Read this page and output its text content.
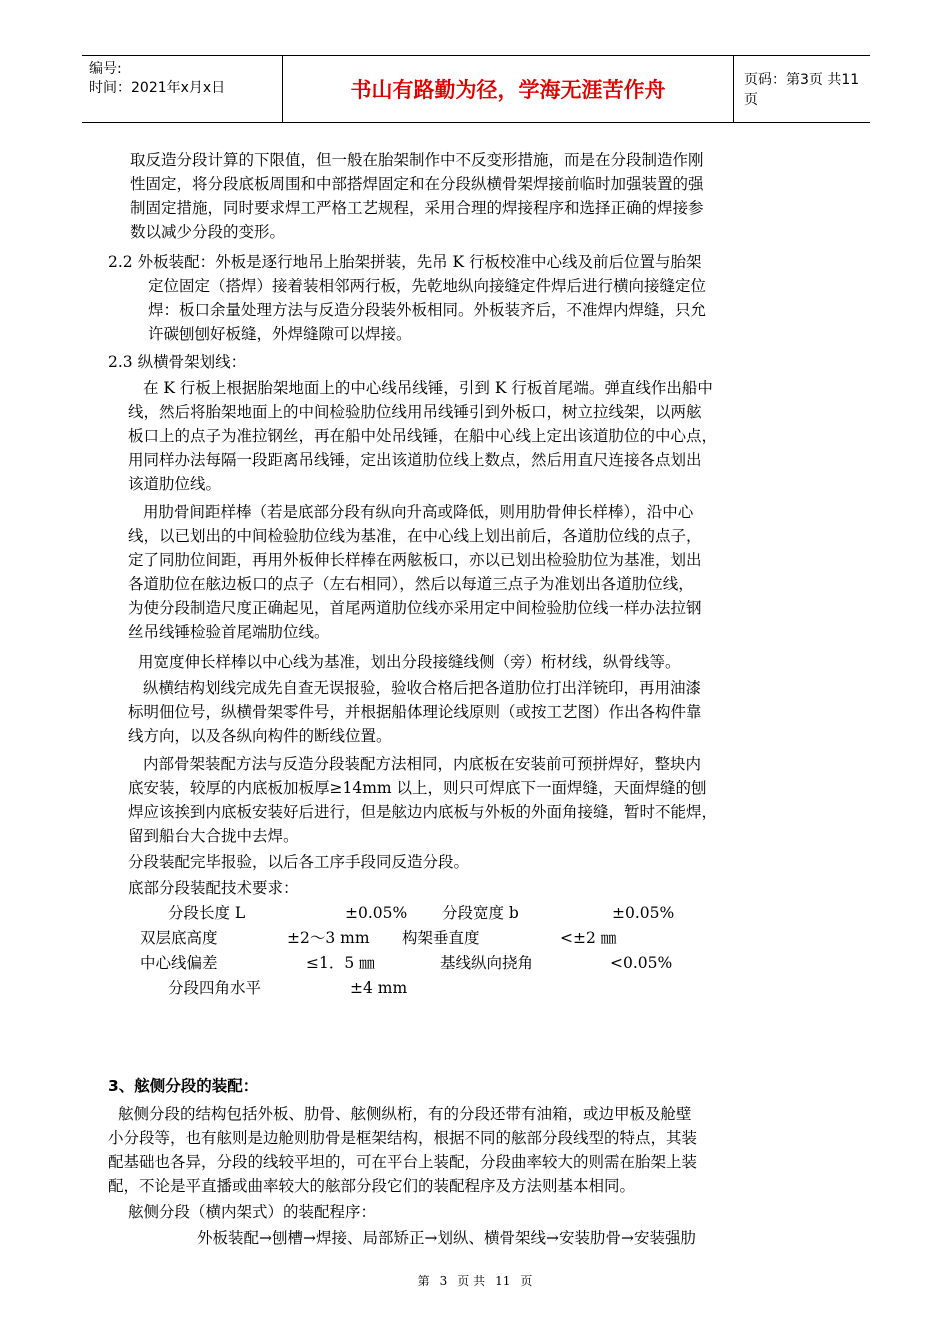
编号:
时间：2021年x月x日	书山有路勤为径，学海无涯苦作舟	页码：第3页 共11页
取反造分段计算的下限值，但一般在胎架制作中不反变形措施，而是在分段制造作刚
性固定，将分段底板周围和中部搭焊固定和在分段纵横骨架焊接前临时加强装置的强
制固定措施，同时要求焊工严格工艺规程，采用合理的焊接程序和选择正确的焊接参
数以减少分段的变形。
2.2 外板装配：外板是逐行地吊上胎架拼装，先吊 K 行板校准中心线及前后位置与胎架
定位固定（搭焊）接着装相邻两行板，先乾地纵向接缝定件焊后进行横向接缝定位
焊：板口余量处理方法与反造分段装外板相同。外板装齐后，不准焊内焊缝，只允
许碳刨刨好板缝，外焊缝隙可以焊接。
2.3 纵横骨架划线：
在 K 行板上根据胎架地面上的中心线吊线锤，引到 K 行板首尾端。弹直线作出船中
线，然后将胎架地面上的中间检验肋位线用吊线锤引到外板口，树立拉线架，以两舷
板口上的点子为准拉钢丝，再在船中处吊线锤，在船中心线上定出该道肋位的中心点，
用同样办法每隔一段距离吊线锤，定出该道肋位线上数点，然后用直尺连接各点划出
该道肋位线。
用肋骨间距样棒（若是底部分段有纵向升高或降低，则用肋骨伸长样棒），沿中心
线，以已划出的中间检验肋位线为基准，在中心线上划出前后，各道肋位线的点子，
定了同肋位间距，再用外板伸长样棒在两舷板口，亦以已划出检验肋位为基准，划出
各道肋位在舷边板口的点子（左右相同），然后以每道三点子为准划出各道肋位线，
为使分段制造尺度正确起见，首尾两道肋位线亦采用定中间检验肋位线一样办法拉钢
丝吊线锤检验首尾端肋位线。
用宽度伸长样棒以中心线为基准，划出分段接缝线侧（旁）桁材线，纵骨线等。
纵横结构划线完成先自查无误报验，验收合格后把各道肋位打出洋铳印，再用油漆
标明佃位号，纵横骨架零件号，并根据船体理论线原则（或按工艺图）作出各构件靠
线方向，以及各纵向构件的断线位置。
内部骨架装配方法与反造分段装配方法相同，内底板在安装前可预拼焊好，整块内
底安装，较厚的内底板加板厚≥14mm 以上，则只可焊底下一面焊缝，天面焊缝的刨
焊应该挨到内底板安装好后进行，但是舷边内底板与外板的外面角接缝，暂时不能焊，
留到船台大合拢中去焊。
分段装配完毕报验，以后各工序手段同反造分段。
底部分段装配技术要求：
分段长度 L	±0.05% 分段宽度 b	±0.05%
双层底高度	±2～3 mm 构架垂直度	<±2 ㎜
中心线偏差	≤1．5 ㎜	基线纵向挠角	<0.05%
分段四角水平	±4 mm
3、舷侧分段的装配：
舷侧分段的结构包括外板、肋骨、舷侧纵桁，有的分段还带有油箱，或边甲板及舱壁
小分段等，也有舷则是边舱则肋骨是框架结构，根据不同的舷部分段线型的特点，其装
配基础也各异，分段的线较平坦的，可在平台上装配，分段曲率较大的则需在胎架上装
配，不论是平直播或曲率较大的舷部分段它们的装配程序及方法则基本相同。
舷侧分段（横内架式）的装配程序：
外板装配→刨槽→焊接、局部矫正→划纵、横骨架线→安装肋骨→安装强肋
第 3 页 共 11 页
